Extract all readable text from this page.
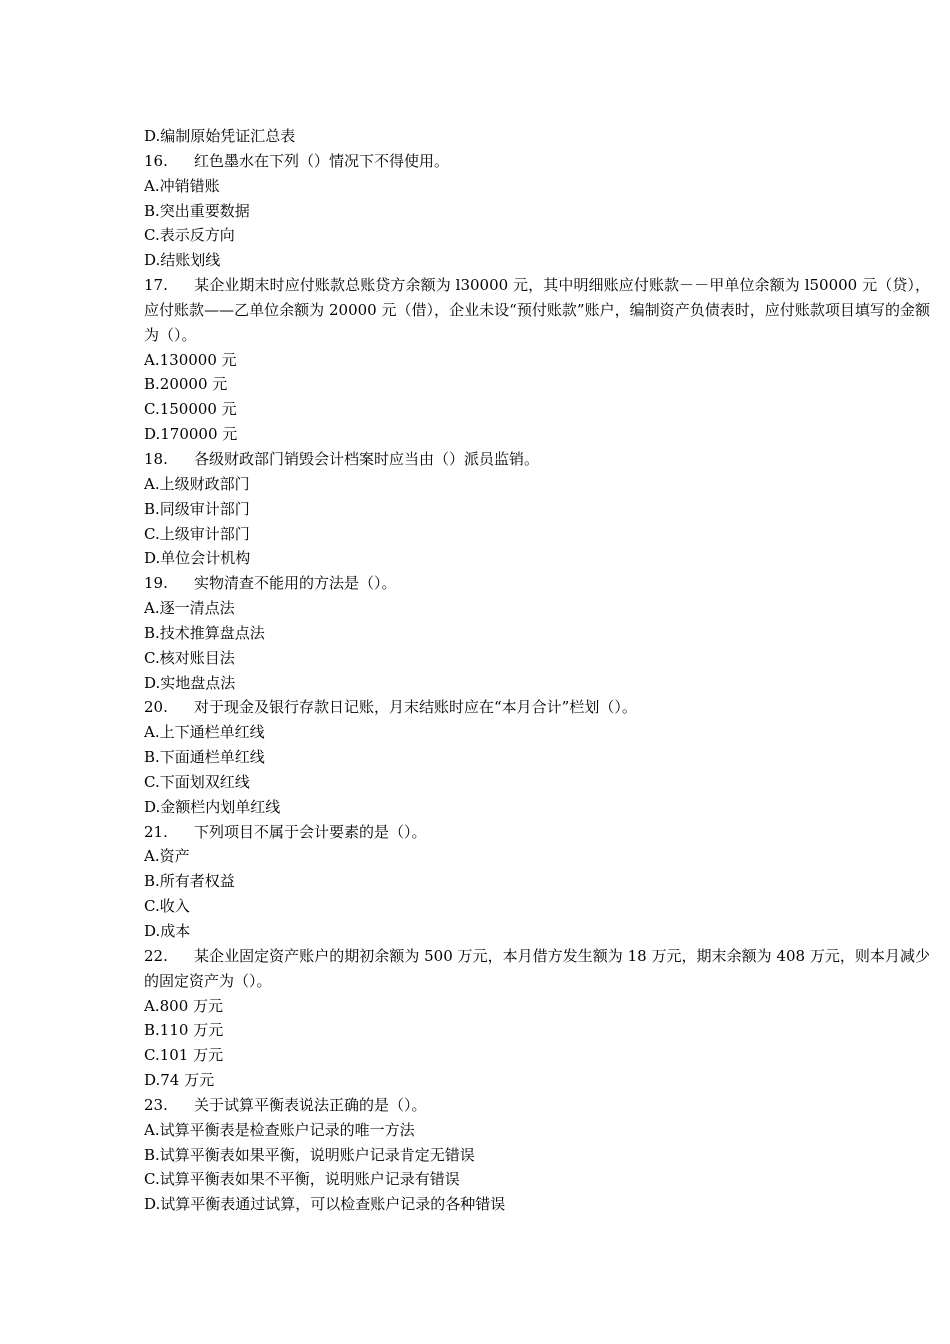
D.编制原始凭证汇总表
16.	红色墨水在下列（）情况下不得使用。
A.冲销错账
B.突出重要数据
C.表示反方向
D.结账划线
17. 某企业期末时应付账款总账贷方余额为 l30000 元，其中明细账应付账款－－甲单位余额为 l50000 元（贷），应付账款——乙单位余额为 20000 元（借），企业未设“预付账款”账户，编制资产负债表时，应付账款项目填写的金额为（）。
A.130000 元
B.20000 元
C.150000 元
D.170000 元
18.	各级财政部门销毁会计档案时应当由（）派员监销。
A.上级财政部门
B.同级审计部门
C.上级审计部门
D.单位会计机构
19.	实物清查不能用的方法是（）。
A.逐一清点法
B.技术推算盘点法
C.核对账目法
D.实地盘点法
20.	对于现金及银行存款日记账，月末结账时应在“本月合计”栏划（）。
A.上下通栏单红线
B.下面通栏单红线
C.下面划双红线
D.金额栏内划单红线
21.	下列项目不属于会计要素的是（）。
A.资产
B.所有者权益
C.收入
D.成本
22. 某企业固定资产账户的期初余额为 500 万元，本月借方发生额为 18 万元，期末余额为 408 万元，则本月减少的固定资产为（）。
A.800 万元
B.110 万元
C.101 万元
D.74 万元
23.	关于试算平衡表说法正确的是（）。
A.试算平衡表是检查账户记录的唯一方法
B.试算平衡表如果平衡，说明账户记录肯定无错误
C.试算平衡表如果不平衡，说明账户记录有错误
D.试算平衡表通过试算，可以检查账户记录的各种错误
